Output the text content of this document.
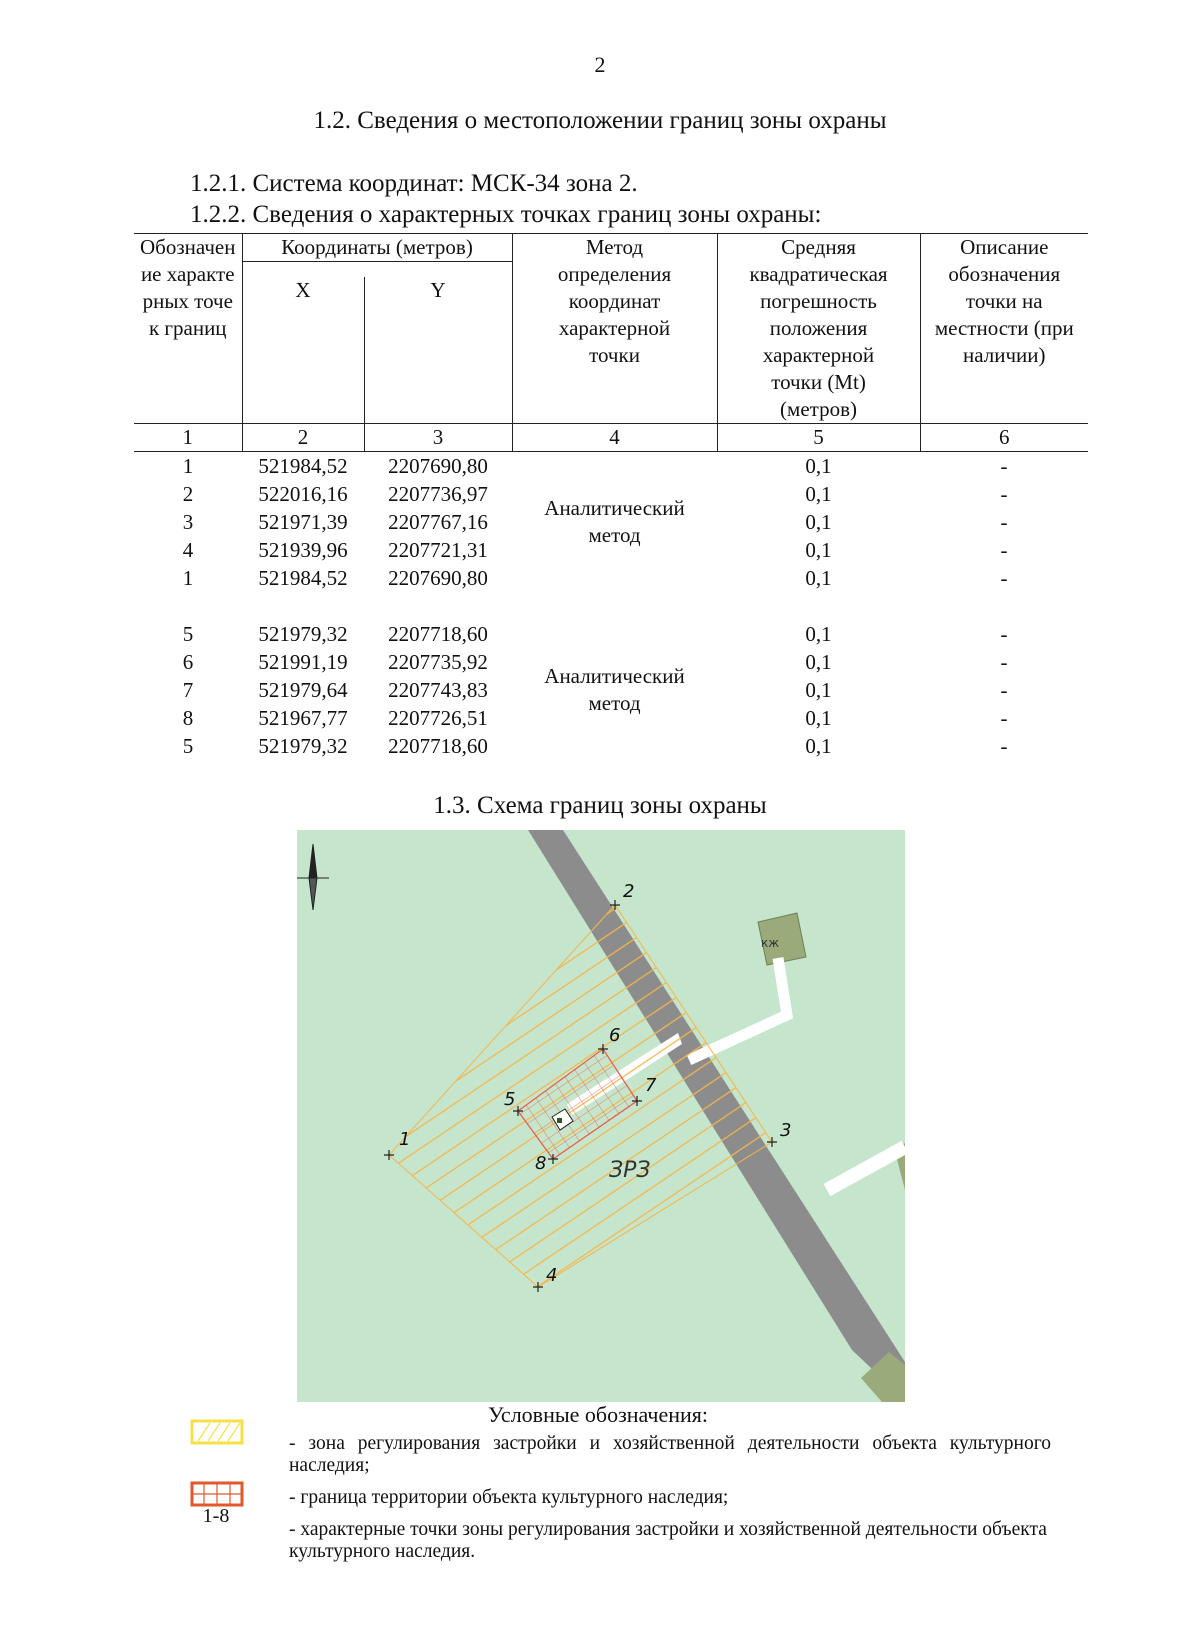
2
1.2. Сведения о местоположении границ зоны охраны
1.2.1. Система координат: МСК-34 зона 2.
1.2.2. Сведения о характерных точках границ зоны охраны:
Обозначение характерных точек границ	Координаты (метров)		Метод определения координат характерной точки	Средняя квадратическая погрешность положения характерной точки (Mt) (метров)	Описание обозначения точки на местности (при наличии)
	X	Y			
1	2	3	4	5	6
1	521984,52	2207690,80	Аналитический метод	0,1	-
2	522016,16	2207736,97		0,1	-
3	521971,39	2207767,16		0,1	-
4	521939,96	2207721,31		0,1	-
1	521984,52	2207690,80		0,1	-

5	521979,32	2207718,60	Аналитический метод	0,1	-
6	521991,19	2207735,92		0,1	-
7	521979,64	2207743,83		0,1	-
8	521967,77	2207726,51		0,1	-
5	521979,32	2207718,60		0,1	-
1.3. Схема границ зоны охраны
1
2
3
4
5
6
7
8	ЗРЗ
кж
Условные обозначения:
- зона регулирования застройки и хозяйственной деятельности объекта культурного наследия;
- граница территории объекта культурного наследия;
1-8
- характерные точки зоны регулирования застройки и хозяйственной деятельности объекта культурного наследия.
